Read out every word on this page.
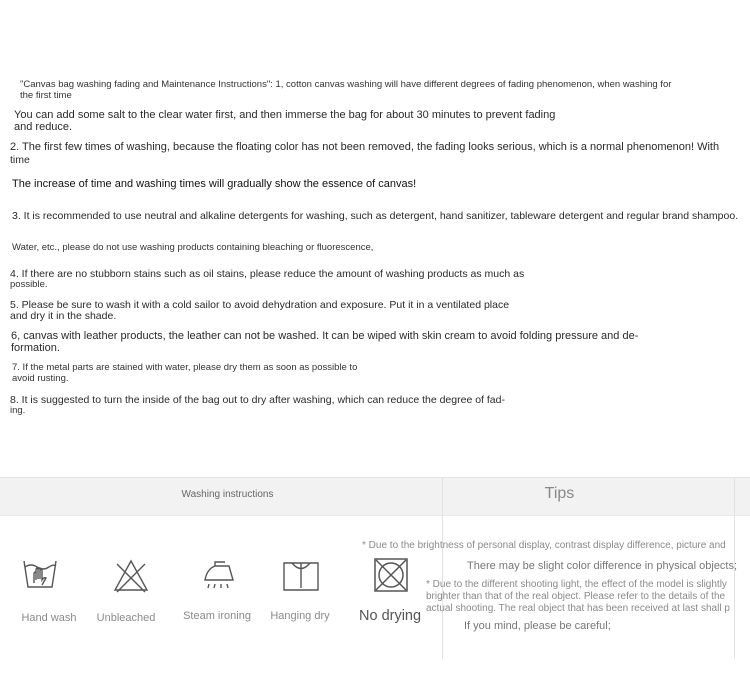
"Canvas bag washing fading and Maintenance Instructions": 1, cotton canvas washing will have different degrees of fading phenomenon, when washing for

the first time

You can add some salt to the clear water first, and then immerse the bag for about 30 minutes to prevent fading

and reduce.

2. The first few times of washing, because the floating color has not been removed, the fading looks serious, which is a normal phenomenon! With

time

The increase of time and washing times will gradually show the essence of canvas!

3. It is recommended to use neutral and alkaline detergents for washing, such as detergent, hand sanitizer, tableware detergent and regular brand shampoo.

Water, etc., please do not use washing products containing bleaching or fluorescence,

4. If there are no stubborn stains such as oil stains, please reduce the amount of washing products as much as

possible.

5. Please be sure to wash it with a cold sailor to avoid dehydration and exposure. Put it in a ventilated place

and dry it in the shade.

6, canvas with leather products, the leather can not be washed. It can be wiped with skin cream to avoid folding pressure and de-

formation.

7. If the metal parts are stained with water, please dry them as soon as possible to

avoid rusting.

8. It is suggested to turn the inside of the bag out to dry after washing, which can reduce the degree of fad-

ing.

Washing instructions	Tips
Hand wash	Unbleached	Steam ironing	Hanging dry	No drying
* Due to the brightness of personal display, contrast display difference, picture and
There may be slight color difference in physical objects;
* Due to the different shooting light, the effect of the model is slightly
brighter than that of the real object. Please refer to the details of the
actual shooting. The real object that has been received at last shall p
If you mind, please be careful;
